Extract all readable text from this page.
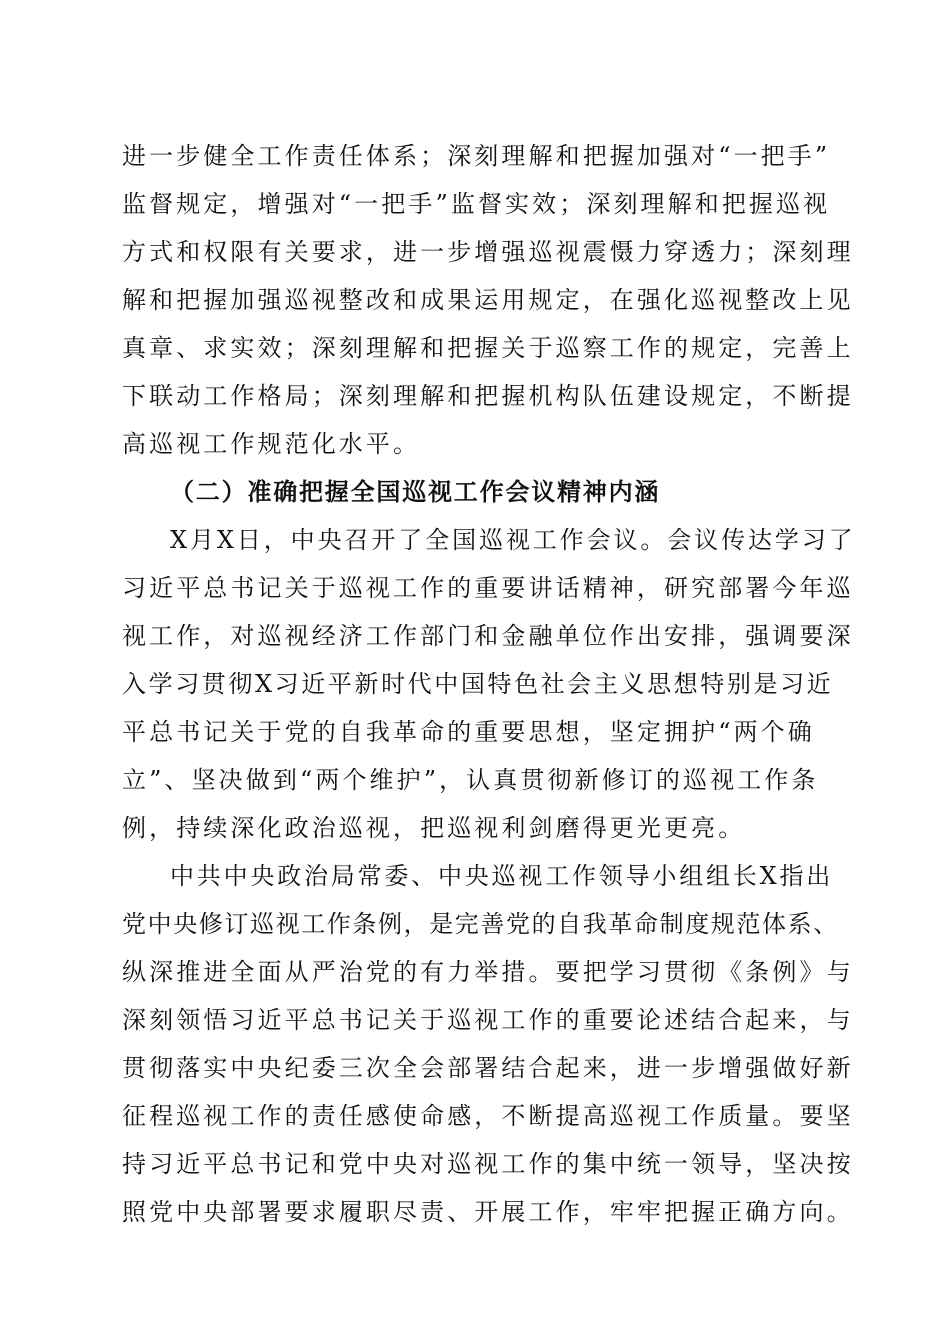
进一步健全工作责任体系；深刻理解和把握加强对“一把手”
监督规定，增强对“一把手”监督实效；深刻理解和把握巡视
方式和权限有关要求，进一步增强巡视震慑力穿透力；深刻理
解和把握加强巡视整改和成果运用规定，在强化巡视整改上见
真章、求实效；深刻理解和把握关于巡察工作的规定，完善上
下联动工作格局；深刻理解和把握机构队伍建设规定，不断提
高巡视工作规范化水平。
（二）准确把握全国巡视工作会议精神内涵
X月X日，中央召开了全国巡视工作会议。会议传达学习了
习近平总书记关于巡视工作的重要讲话精神，研究部署今年巡
视工作，对巡视经济工作部门和金融单位作出安排，强调要深
入学习贯彻X习近平新时代中国特色社会主义思想特别是习近
平总书记关于党的自我革命的重要思想，坚定拥护“两个确
立”、坚决做到“两个维护”，认真贯彻新修订的巡视工作条
例，持续深化政治巡视，把巡视利剑磨得更光更亮。
中共中央政治局常委、中央巡视工作领导小组组长X指出
党中央修订巡视工作条例，是完善党的自我革命制度规范体系、
纵深推进全面从严治党的有力举措。要把学习贯彻《条例》与
深刻领悟习近平总书记关于巡视工作的重要论述结合起来，与
贯彻落实中央纪委三次全会部署结合起来，进一步增强做好新
征程巡视工作的责任感使命感，不断提高巡视工作质量。要坚
持习近平总书记和党中央对巡视工作的集中统一领导，坚决按
照党中央部署要求履职尽责、开展工作，牢牢把握正确方向。
